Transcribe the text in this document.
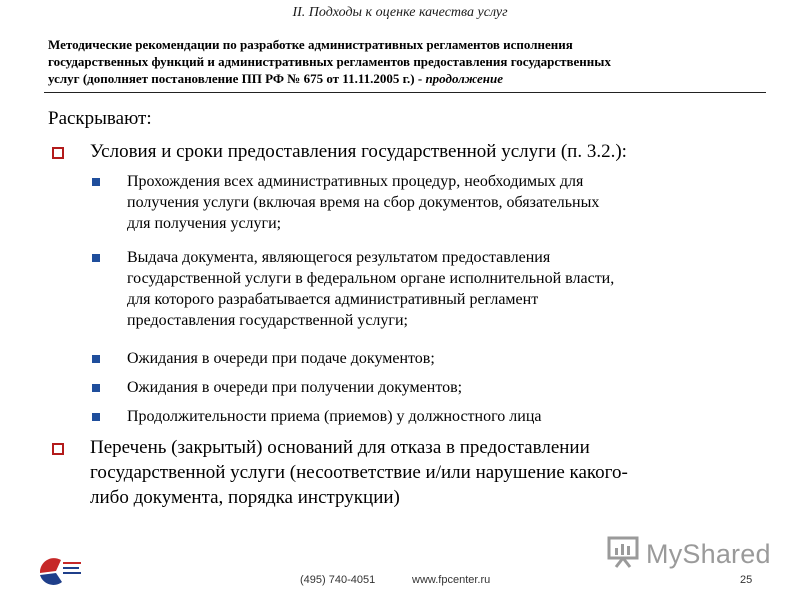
II. Подходы к оценке качества услуг
Методические рекомендации по разработке административных регламентов исполнения
государственных функций и административных регламентов предоставления государственных
услуг (дополняет постановление ПП РФ № 675 от 11.11.2005 г.) - продолжение
Раскрывают:
Условия и сроки предоставления государственной услуги (п. 3.2.):
Прохождения всех административных процедур, необходимых для
получения услуги (включая время на сбор документов, обязательных
для получения услуги;
Выдача документа, являющегося результатом предоставления
государственной услуги в федеральном органе исполнительной власти,
для которого разрабатывается административный регламент
предоставления государственной услуги;
Ожидания в очереди при подаче документов;
Ожидания в очереди при получении документов;
Продолжительности приема (приемов) у должностного лица
Перечень (закрытый) оснований для отказа в предоставлении
государственной услуги (несоответствие и/или нарушение какого-
либо документа, порядка инструкции)
(495) 740-4051	www.fpcenter.ru	25
MyShared
